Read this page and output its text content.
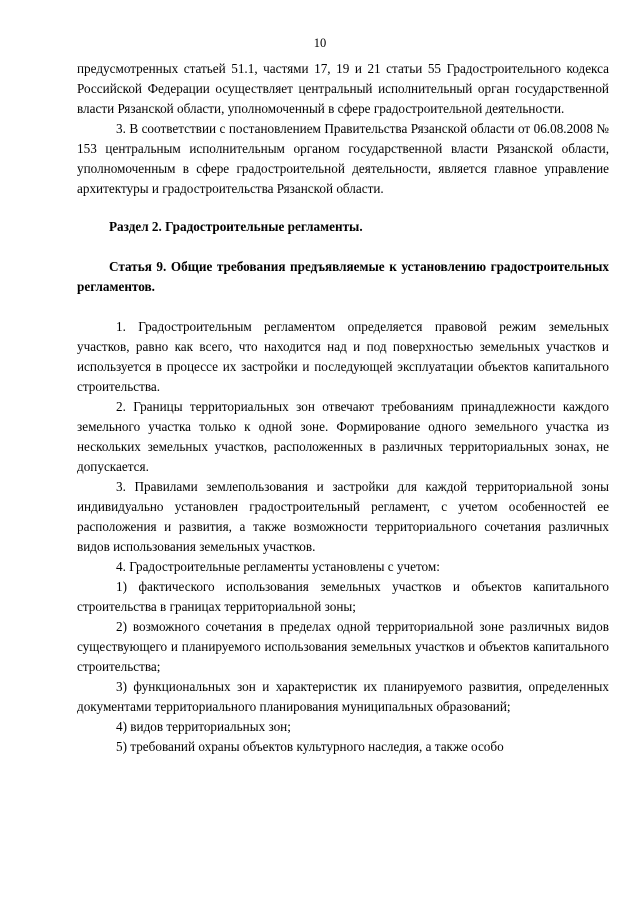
10

предусмотренных статьей 51.1, частями 17, 19 и 21 статьи 55 Градостроительного кодекса Российской Федерации осуществляет центральный исполнительный орган государственной власти Рязанской области, уполномоченный в сфере градостроительной деятельности.

3. В соответствии с постановлением Правительства Рязанской области от 06.08.2008 № 153 центральным исполнительным органом государственной власти Рязанской области, уполномоченным в сфере градостроительной деятельности, является главное управление архитектуры и градостроительства Рязанской области.

Раздел 2. Градостроительные регламенты.

Статья 9. Общие требования предъявляемые к установлению градостроительных регламентов.

1. Градостроительным регламентом определяется правовой режим земельных участков, равно как всего, что находится над и под поверхностью земельных участков и используется в процессе их застройки и последующей эксплуатации объектов капитального строительства.

2. Границы территориальных зон отвечают требованиям принадлежности каждого земельного участка только к одной зоне. Формирование одного земельного участка из нескольких земельных участков, расположенных в различных территориальных зонах, не допускается.

3. Правилами землепользования и застройки для каждой территориальной зоны индивидуально установлен градостроительный регламент, с учетом особенностей ее расположения и развития, а также возможности территориального сочетания различных видов использования земельных участков.

4. Градостроительные регламенты установлены с учетом:

1) фактического использования земельных участков и объектов капитального строительства в границах территориальной зоны;

2) возможного сочетания в пределах одной территориальной зоне различных видов существующего и планируемого использования земельных участков и объектов капитального строительства;

3) функциональных зон и характеристик их планируемого развития, определенных документами территориального планирования муниципальных образований;

4) видов территориальных зон;

5) требований охраны объектов культурного наследия, а также особо
